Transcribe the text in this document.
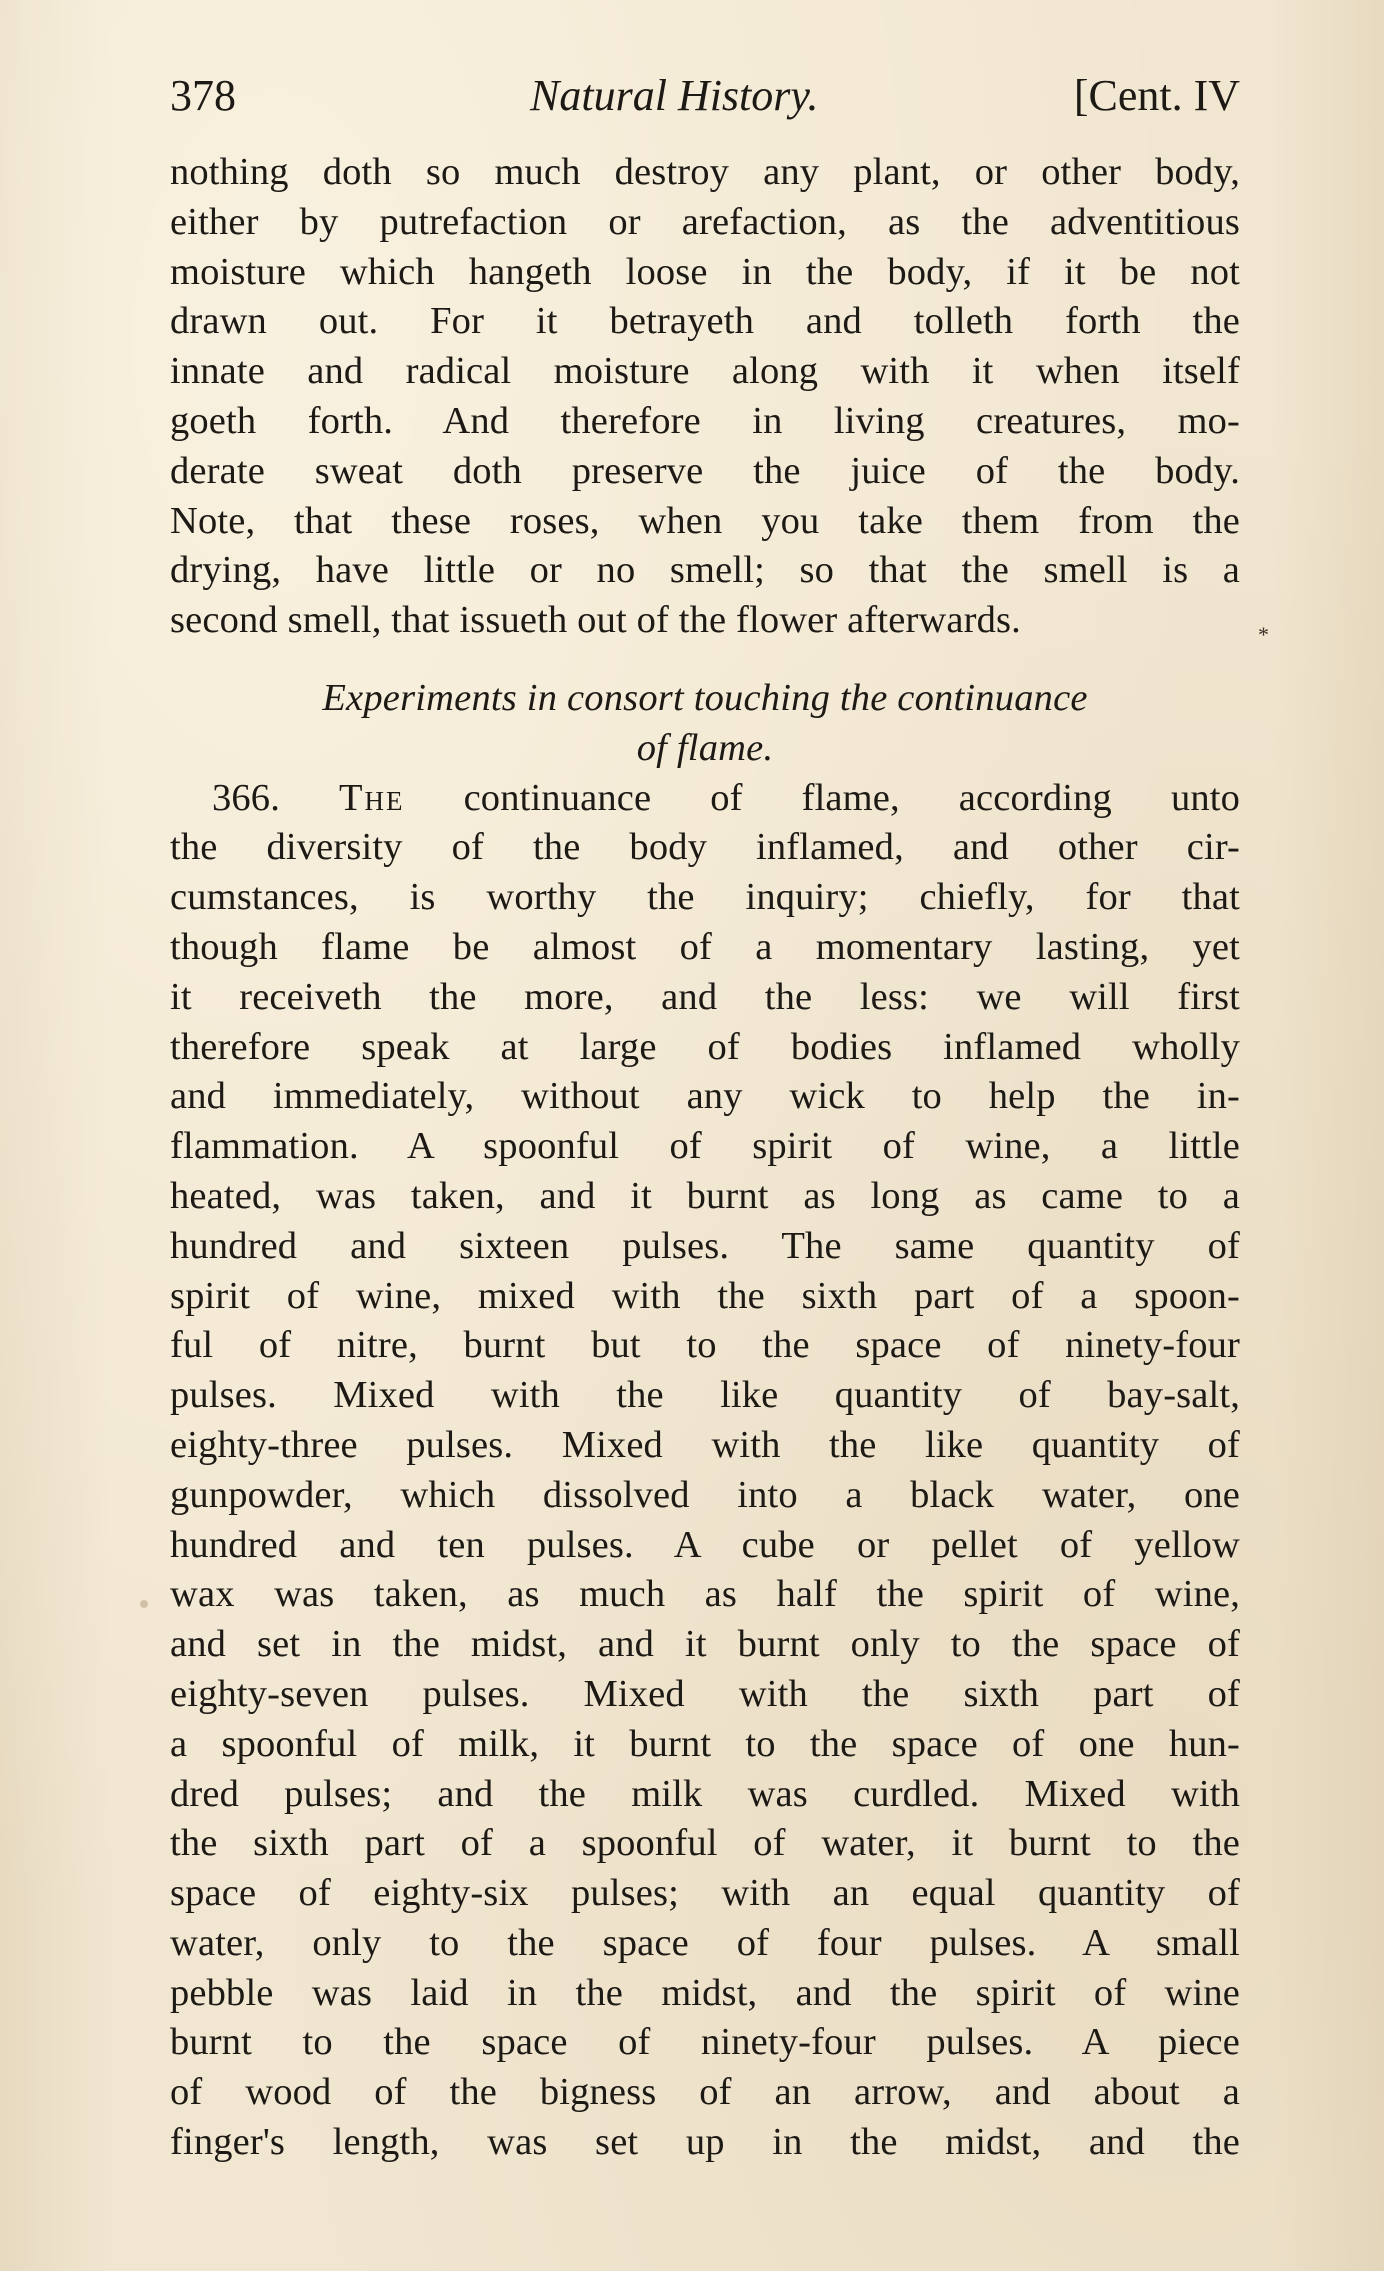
378	Natural History.	[Cent. IV
*
nothing doth so much destroy any plant, or other body,
either by putrefaction or arefaction, as the adventitious
moisture which hangeth loose in the body, if it be not
drawn out. For it betrayeth and tolleth forth the
innate and radical moisture along with it when itself
goeth forth. And therefore in living creatures, mo-
derate sweat doth preserve the juice of the body.
Note, that these roses, when you take them from the
drying, have little or no smell; so that the smell is a
second smell, that issueth out of the flower afterwards.
Experiments in consort touching the continuance
of flame.
366. The continuance of flame, according unto
the diversity of the body inflamed, and other cir-
cumstances, is worthy the inquiry; chiefly, for that
though flame be almost of a momentary lasting, yet
it receiveth the more, and the less: we will first
therefore speak at large of bodies inflamed wholly
and immediately, without any wick to help the in-
flammation. A spoonful of spirit of wine, a little
heated, was taken, and it burnt as long as came to a
hundred and sixteen pulses. The same quantity of
spirit of wine, mixed with the sixth part of a spoon-
ful of nitre, burnt but to the space of ninety-four
pulses. Mixed with the like quantity of bay-salt,
eighty-three pulses. Mixed with the like quantity of
gunpowder, which dissolved into a black water, one
hundred and ten pulses. A cube or pellet of yellow
wax was taken, as much as half the spirit of wine,
and set in the midst, and it burnt only to the space of
eighty-seven pulses. Mixed with the sixth part of
a spoonful of milk, it burnt to the space of one hun-
dred pulses; and the milk was curdled. Mixed with
the sixth part of a spoonful of water, it burnt to the
space of eighty-six pulses; with an equal quantity of
water, only to the space of four pulses. A small
pebble was laid in the midst, and the spirit of wine
burnt to the space of ninety-four pulses. A piece
of wood of the bigness of an arrow, and about a
finger's length, was set up in the midst, and the
